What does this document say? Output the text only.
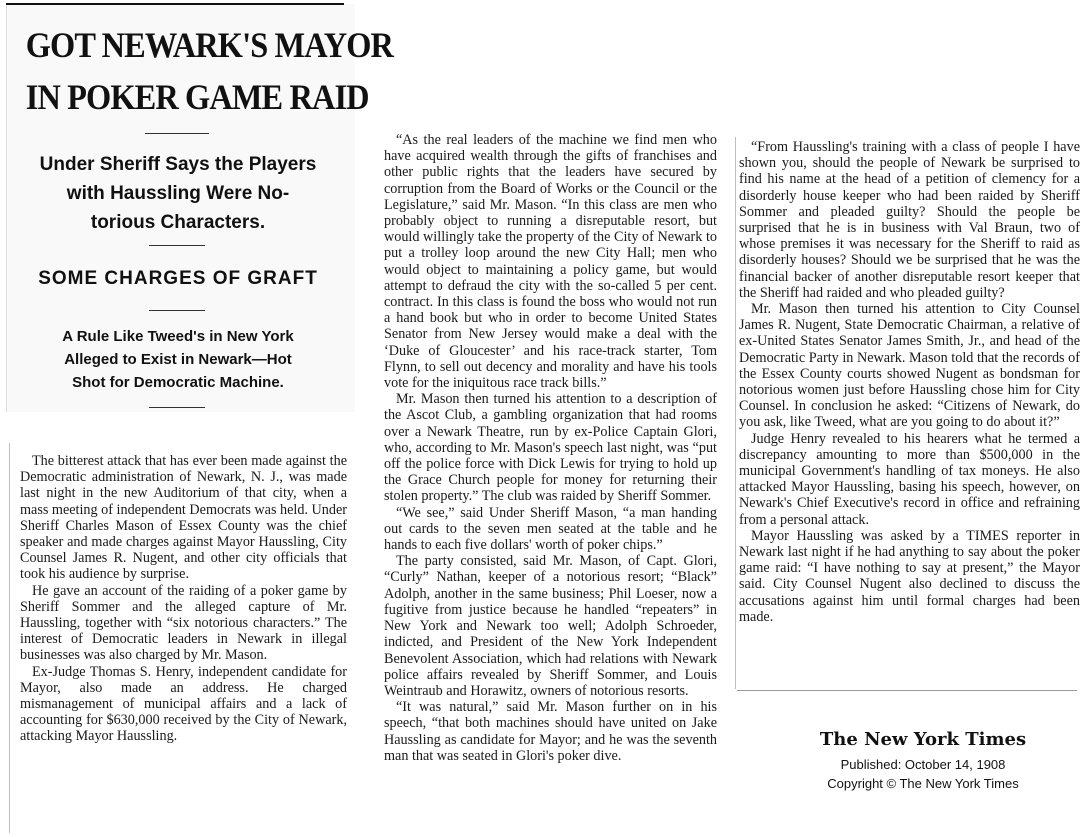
GOT NEWARK'S MAYOR
IN POKER GAME RAID
Under Sheriff Says the Players
with Haussling Were No-
torious Characters.
SOME CHARGES OF GRAFT
A Rule Like Tweed's in New York
Alleged to Exist in Newark—Hot
Shot for Democratic Machine.

The bitterest attack that has ever been made against the Democratic administration of Newark, N. J., was made last night in the new Auditorium of that city, when a mass meeting of independent Democrats was held. Under Sheriff Charles Mason of Essex County was the chief speaker and made charges against Mayor Haussling, City Counsel James R. Nugent, and other city officials that took his audience by surprise.

He gave an account of the raiding of a poker game by Sheriff Sommer and the alleged capture of Mr. Haussling, together with “six notorious characters.” The interest of Democratic leaders in Newark in illegal businesses was also charged by Mr. Mason.

Ex-Judge Thomas S. Henry, independent candidate for Mayor, also made an address. He charged mismanagement of municipal affairs and a lack of accounting for $630,000 received by the City of Newark, attacking Mayor Haussling.

“As the real leaders of the machine we find men who have acquired wealth through the gifts of franchises and other public rights that the leaders have secured by corruption from the Board of Works or the Council or the Legislature,” said Mr. Mason. “In this class are men who probably object to running a disreputable resort, but would willingly take the property of the City of Newark to put a trolley loop around the new City Hall; men who would object to maintaining a policy game, but would attempt to defraud the city with the so-called 5 per cent. contract. In this class is found the boss who would not run a hand book but who in order to become United States Senator from New Jersey would make a deal with the ‘Duke of Gloucester’ and his race-track starter, Tom Flynn, to sell out decency and morality and have his tools vote for the iniquitous race track bills.”

Mr. Mason then turned his attention to a description of the Ascot Club, a gambling organization that had rooms over a Newark Theatre, run by ex-Police Captain Glori, who, according to Mr. Mason's speech last night, was “put off the police force with Dick Lewis for trying to hold up the Grace Church people for money for returning their stolen property.” The club was raided by Sheriff Sommer.

“We see,” said Under Sheriff Mason, “a man handing out cards to the seven men seated at the table and he hands to each five dollars' worth of poker chips.”

The party consisted, said Mr. Mason, of Capt. Glori, “Curly” Nathan, keeper of a notorious resort; “Black” Adolph, another in the same business; Phil Loeser, now a fugitive from justice because he handled “repeaters” in New York and Newark too well; Adolph Schroeder, indicted, and President of the New York Independent Benevolent Association, which had relations with Newark police affairs revealed by Sheriff Sommer, and Louis Weintraub and Horawitz, owners of notorious resorts.

“It was natural,” said Mr. Mason further on in his speech, “that both machines should have united on Jake Haussling as candidate for Mayor; and he was the seventh man that was seated in Glori's poker dive.

“From Haussling's training with a class of people I have shown you, should the people of Newark be surprised to find his name at the head of a petition of clemency for a disorderly house keeper who had been raided by Sheriff Sommer and pleaded guilty? Should the people be surprised that he is in business with Val Braun, two of whose premises it was necessary for the Sheriff to raid as disorderly houses? Should we be surprised that he was the financial backer of another disreputable resort keeper that the Sheriff had raided and who pleaded guilty?

Mr. Mason then turned his attention to City Counsel James R. Nugent, State Democratic Chairman, a relative of ex-United States Senator James Smith, Jr., and head of the Democratic Party in Newark. Mason told that the records of the Essex County courts showed Nugent as bondsman for notorious women just before Haussling chose him for City Counsel. In conclusion he asked: “Citizens of Newark, do you ask, like Tweed, what are you going to do about it?”

Judge Henry revealed to his hearers what he termed a discrepancy amounting to more than $500,000 in the municipal Government's handling of tax moneys. He also attacked Mayor Haussling, basing his speech, however, on Newark's Chief Executive's record in office and refraining from a personal attack.

Mayor Haussling was asked by a TIMES reporter in Newark last night if he had anything to say about the poker game raid: “I have nothing to say at present,” the Mayor said. City Counsel Nugent also declined to discuss the accusations against him until formal charges had been made.

The New York Times
Published: October 14, 1908
Copyright © The New York Times
